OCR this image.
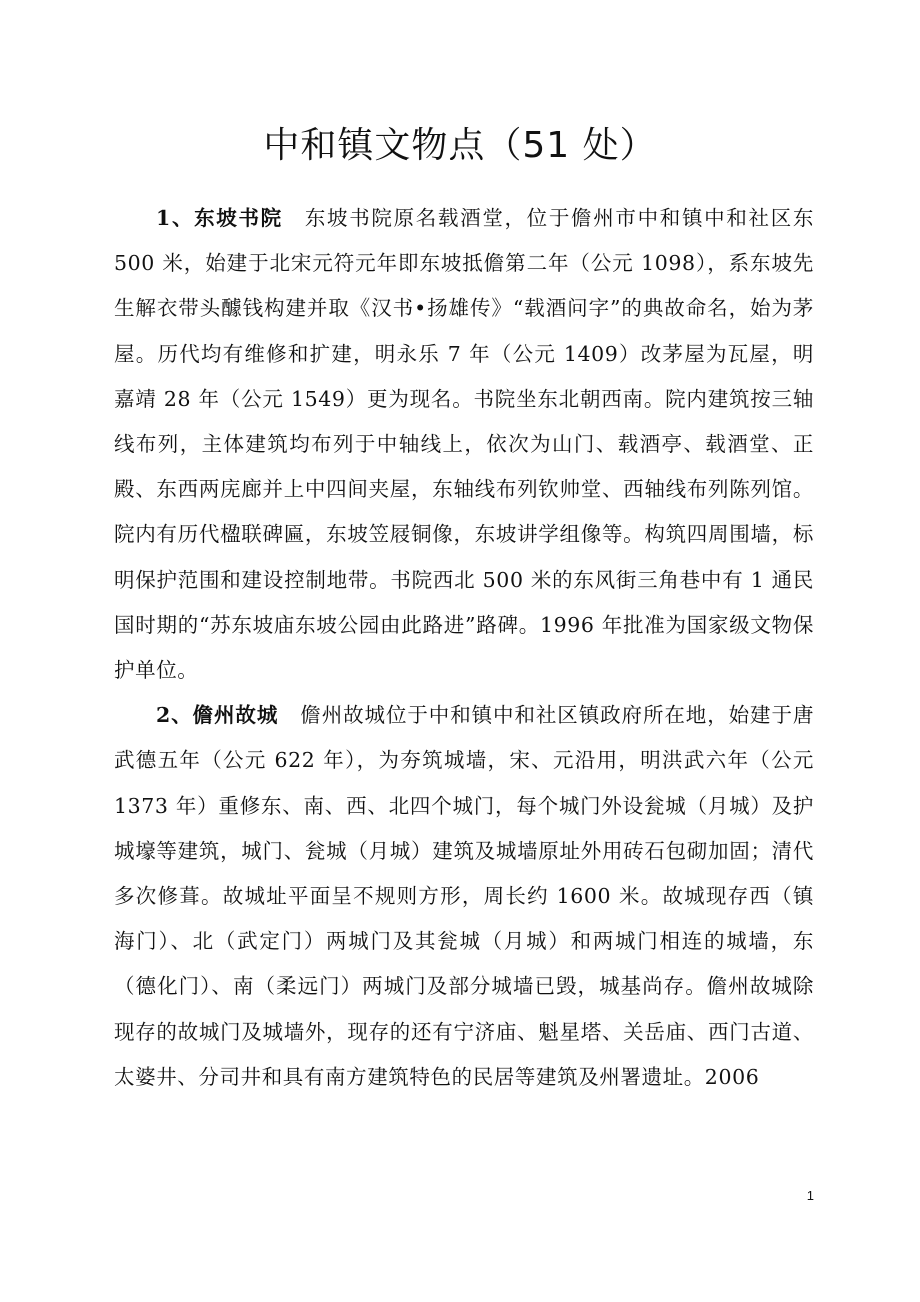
中和镇文物点（51 处）

1、东坡书院 东坡书院原名载酒堂，位于儋州市中和镇中和社区东 500 米，始建于北宋元符元年即东坡抵儋第二年（公元 1098），系东坡先生解衣带头醵钱构建并取《汉书•扬雄传》“载酒问字”的典故命名，始为茅屋。历代均有维修和扩建，明永乐 7 年（公元 1409）改茅屋为瓦屋，明嘉靖 28 年（公元 1549）更为现名。书院坐东北朝西南。院内建筑按三轴线布列，主体建筑均布列于中轴线上，依次为山门、载酒亭、载酒堂、正殿、东西两庑廊并上中四间夹屋，东轴线布列钦帅堂、西轴线布列陈列馆。院内有历代楹联碑匾，东坡笠屐铜像，东坡讲学组像等。构筑四周围墙，标明保护范围和建设控制地带。书院西北 500 米的东风街三角巷中有 1 通民国时期的“苏东坡庙东坡公园由此路进”路碑。1996 年批准为国家级文物保护单位。

2、儋州故城 儋州故城位于中和镇中和社区镇政府所在地，始建于唐武德五年（公元 622 年），为夯筑城墙，宋、元沿用，明洪武六年（公元 1373 年）重修东、南、西、北四个城门，每个城门外设瓮城（月城）及护城壕等建筑，城门、瓮城（月城）建筑及城墙原址外用砖石包砌加固；清代多次修葺。故城址平面呈不规则方形，周长约 1600 米。故城现存西（镇海门）、北（武定门）两城门及其瓮城（月城）和两城门相连的城墙，东（德化门）、南（柔远门）两城门及部分城墙已毁，城基尚存。儋州故城除现存的故城门及城墙外，现存的还有宁济庙、魁星塔、关岳庙、西门古道、太婆井、分司井和具有南方建筑特色的民居等建筑及州署遗址。2006

1
